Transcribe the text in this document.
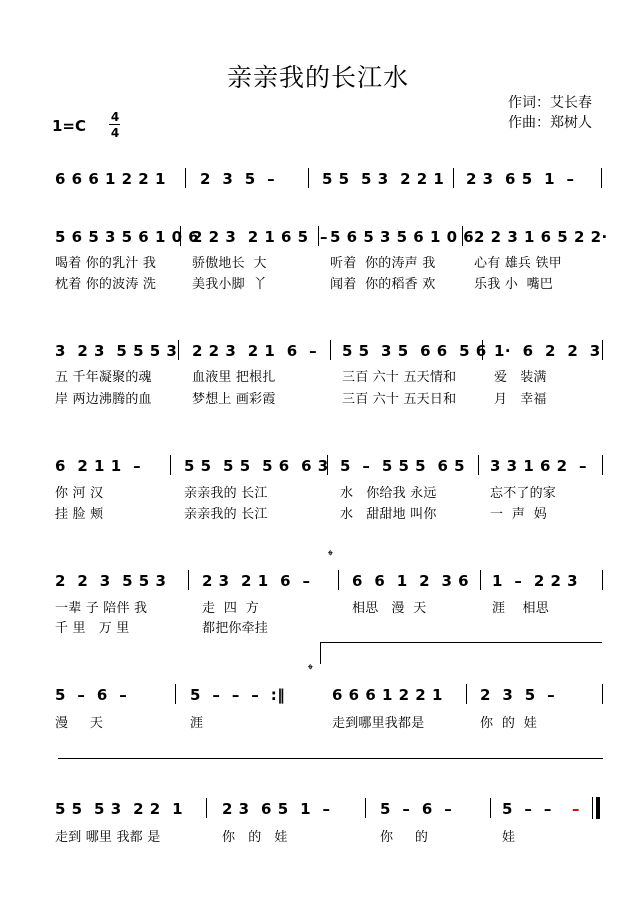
亲亲我的长江水
作词：艾长春
作曲：郑树人
1=C 4
4
6 6 6 1 2 2 1 2  3  5  –	5 5  5 3  2 2 1 2 3  6 5  1  –
5 6 5 3 5 6 1 0 6
2 2 3  2 1 6 5  – 5 6 5 3 5 6 1 0 6 2 2 3 1 6 5 2 2·
喝着 你的乳汁 我	骄傲地长  大	听着  你的涛声 我	心有 雄兵 铁甲
枕着 你的波涛 洗	美我小脚  丫	闻着  你的稻香 欢	乐我 小  嘴巴
3  2 3  5 5 5 3 2 2 3  2 1  6  – 5 5  3 5  6 6  5 6 1·  6  2  2  3
五 千年凝聚的魂	血液里 把根扎	三百 六十 五天情和	爱   装满
岸 两边沸腾的血	梦想上 画彩霞	三百 六十 五天日和	月   幸福
6  2 1 1  –	5 5  5 5  5 6  6 3 5  –  5 5 5  6 5 3 3 1 6 2  –
你 河 汉	亲亲我的 长江	水   你给我 永远	忘不了的家
挂 脸 颊	亲亲我的 长江	水   甜甜地 叫你	一  声  妈
𝄌
2  2  3  5 5 3 2 3  2 1  6  –	6  6  1  2  3 6 1  –  2 2 3
一辈 子 陪伴 我	走  四  方	相思   漫  天	涯    相思
千 里   万 里	都把你牵挂
𝄌
5  –  6  –	5  –  –  –  :‖	6 6 6 1 2 2 1 2  3  5  –
漫     天	涯	走到哪里我都是	你  的  娃
5 5  5 3  2 2  1	2 3  6 5  1  –	5  –  6  –	5  –  – –
走到 哪里 我都 是	你   的   娃	你     的	娃
